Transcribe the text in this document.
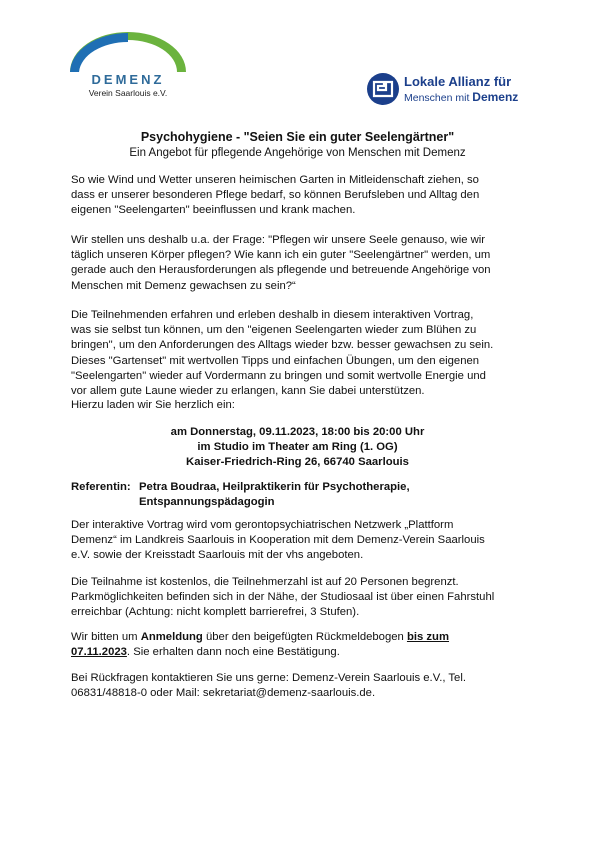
DEMENZ
Verein Saarlouis e.V.
Lokale Allianz für
Menschen mit Demenz
Psychohygiene - "Seien Sie ein guter Seelengärtner"
Ein Angebot für pflegende Angehörige von Menschen mit Demenz
So wie Wind und Wetter unseren heimischen Garten in Mitleidenschaft ziehen, so
dass er unserer besonderen Pflege bedarf, so können Berufsleben und Alltag den
eigenen "Seelengarten" beeinflussen und krank machen.
Wir stellen uns deshalb u.a. der Frage: "Pflegen wir unsere Seele genauso, wie wir
täglich unseren Körper pflegen? Wie kann ich ein guter "Seelengärtner" werden, um
gerade auch den Herausforderungen als pflegende und betreuende Angehörige von
Menschen mit Demenz gewachsen zu sein?“
Die Teilnehmenden erfahren und erleben deshalb in diesem interaktiven Vortrag,
was sie selbst tun können, um den "eigenen Seelengarten wieder zum Blühen zu
bringen", um den Anforderungen des Alltags wieder bzw. besser gewachsen zu sein.
Dieses "Gartenset" mit wertvollen Tipps und einfachen Übungen, um den eigenen
"Seelengarten" wieder auf Vordermann zu bringen und somit wertvolle Energie und
vor allem gute Laune wieder zu erlangen, kann Sie dabei unterstützen.
Hierzu laden wir Sie herzlich ein:
am Donnerstag, 09.11.2023, 18:00 bis 20:00 Uhr
im Studio im Theater am Ring (1. OG)
Kaiser-Friedrich-Ring 26, 66740 Saarlouis
Referentin: Petra Boudraa, Heilpraktikerin für Psychotherapie,
Entspannungspädagogin
Der interaktive Vortrag wird vom gerontopsychiatrischen Netzwerk „Plattform
Demenz“ im Landkreis Saarlouis in Kooperation mit dem Demenz-Verein Saarlouis
e.V. sowie der Kreisstadt Saarlouis mit der vhs angeboten.
Die Teilnahme ist kostenlos, die Teilnehmerzahl ist auf 20 Personen begrenzt.
Parkmöglichkeiten befinden sich in der Nähe, der Studiosaal ist über einen Fahrstuhl
erreichbar (Achtung: nicht komplett barrierefrei, 3 Stufen).
Wir bitten um Anmeldung über den beigefügten Rückmeldebogen bis zum
07.11.2023. Sie erhalten dann noch eine Bestätigung.
Bei Rückfragen kontaktieren Sie uns gerne: Demenz-Verein Saarlouis e.V., Tel.
06831/48818-0 oder Mail: sekretariat@demenz-saarlouis.de.
